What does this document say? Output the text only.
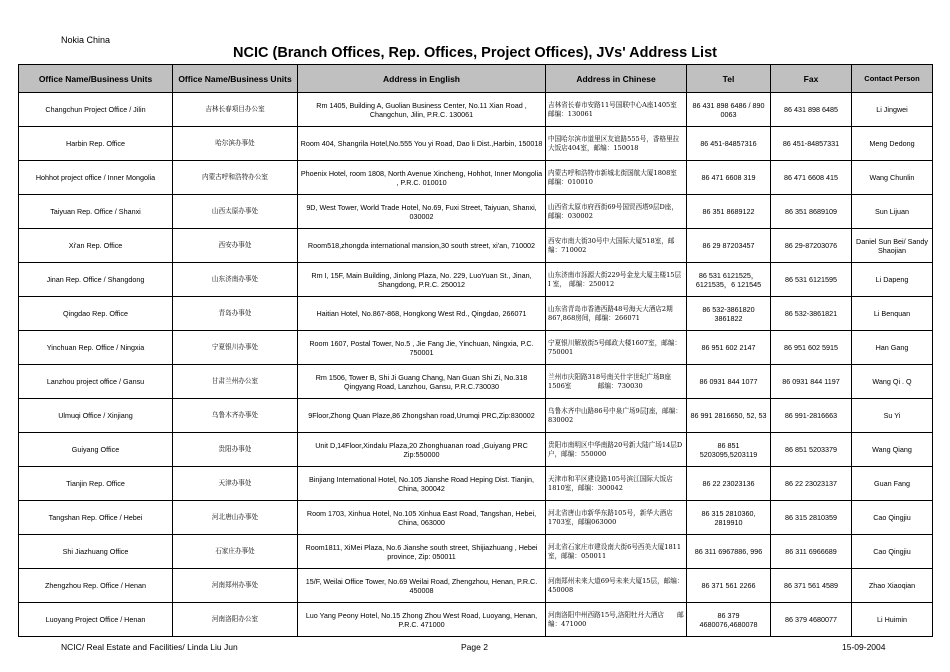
Nokia China
NCIC (Branch Offices, Rep. Offices, Project Offices), JVs' Address List
Office Name/Business Units	Office Name/Business Units	Address in English	Address in Chinese	Tel	Fax	Contact Person
Changchun Project Office / Jilin	吉林长春项目办公室	Rm 1405, Building A, Guolian Business Center, No.11 Xian Road , Changchun, Jilin, P.R.C. 130061	吉林省长春市安路11号国联中心A座1405室　　邮编：130061	86 431 898 6486 / 890 0063	86 431 898 6485	Li Jingwei
Harbin Rep. Office	哈尔滨办事处	Room 404, Shangrila Hotel,No.555 You yi Road, Dao li Dist.,Harbin, 150018	中国哈尔滨市道里区友谊路555号，香格里拉大饭店404室，邮编：150018	86 451-84857316	86 451-84857331	Meng Dedong
Hohhot project office / Inner Mongolia	内蒙古呼和浩特办公室	Phoenix Hotel, room 1808, North Avenue Xincheng, Hohhot, Inner Mongolia , P.R.C. 010010	内蒙古呼和浩特市新城北街国航大厦1808室　　　　邮编：010010	86 471 6608 319	86 471 6608 415	Wang Chunlin
Taiyuan Rep. Office / Shanxi	山西太原办事处	9D, West Tower, World Trade Hotel, No.69, Fuxi Street, Taiyuan, Shanxi, 030002	山西省太原市府西街69号国贸西塔9层D座，邮编：030002	86 351 8689122	86 351 8689109	Sun Lijuan
Xi'an Rep. Office	西安办事处	Room518,zhongda international mansion,30 south street, xi'an, 710002	西安市南大街30号中大国际大厦518室，邮编：710002	86 29 87203457	86 29-87203076	Daniel Sun Bei/ Sandy Shaojian
Jinan Rep. Office / Shangdong	山东济南办事处	Rm I, 15F, Main Building, Jinlong Plaza, No. 229, LuoYuan St., Jinan, Shangdong, P.R.C. 250012	山东济南市泺源大街229号金龙大厦主楼15层 I 室，　邮编：250012	86 531 6121525，6121535，6 121545	86 531 6121595	Li Dapeng
Qingdao Rep. Office	青岛办事处	Haitian Hotel, No.867-868, Hongkong West Rd., Qingdao, 266071	山东省青岛市香港西路48号海天大酒店2期867,868房间，邮编：266071	86 532-3861820 3861822	86 532-3861821	Li Benquan
Yinchuan Rep. Office / Ningxia	宁夏银川办事处	Room 1607, Postal Tower, No.5 , Jie Fang Jie, Yinchuan, Ningxia, P.C. 750001	宁夏银川解放街5号邮政大楼1607室，邮编：750001	86 951 602 2147	86 951 602 5915	Han Gang
Lanzhou project office / Gansu	甘肃兰州办公室	Rm 1506, Tower B, Shi Ji Guang Chang, Nan Guan Shi Zi, No.318 Qingyang Road, Lanzhou, Gansu, P.R.C.730030	兰州市庆阳路318号南关什字世纪广场B座1506室　　　　邮编：730030	86 0931 844 1077	86 0931 844 1197	Wang Qi . Q
Ulmuqi Office / Xinjiang	乌鲁木齐办事处	9Floor,Zhong Quan Plaze,86 Zhongshan road,Urumqi PRC,Zip:830002	乌鲁木齐中山路86号中泉广场9层J座，邮编：830002	86 991 2816650, 52, 53	86 991-2816663	Su Yi
Guiyang Office	贵阳办事处	Unit D,14Floor,Xindalu Plaza,20 Zhonghuanan road ,Guiyang PRC Zip:550000	贵阳市南明区中华南路20号新大陆广场14层D户，邮编：550000	86 851 5203095,5203119	86 851 5203379	Wang Qiang
Tianjin Rep. Office	天津办事处	Binjiang International Hotel, No.105 Jianshe Road Heping Dist. Tianjin, China, 300042	天津市和平区建设路105号滨江国际大饭店1810室，邮编：300042	86 22 23023136	86 22 23023137	Guan Fang
Tangshan Rep. Office / Hebei	河北唐山办事处	Room 1703, Xinhua Hotel, No.105 Xinhua East Road, Tangshan, Hebei, China, 063000	河北省唐山市新华东路105号，新华大酒店 1703室，邮编063000	86 315 2810360, 2819910	86 315 2810359	Cao Qingjiu
Shi Jiazhuang Office	石家庄办事处	Room1811, XiMei Plaza, No.6 Jianshe south street, Shijiazhuang , Hebei province, Zip: 050011	河北省石家庄市建设南大街6号西美大厦1811室，邮编：050011	86 311 6967886, 996	86 311 6966689	Cao Qingjiu
Zhengzhou Rep. Office / Henan	河南郑州办事处	15/F, Weilai Office Tower, No.69 Weilai Road, Zhengzhou, Henan, P.R.C. 450008	河南郑州未来大道69号未来大厦15层，邮编：450008	86 371 561 2266	86 371 561 4589	Zhao Xiaoqian
Luoyang Project Office / Henan	河南洛阳办公室	Luo Yang Peony Hotel, No.15 Zhong Zhou West Road, Luoyang, Henan, P.R.C. 471000	河南洛阳中州西路15号,洛阳牡丹大酒店　　邮编：471000	86 379 4680076,4680078	86 379 4680077	Li Huimin
NCIC/ Real Estate and Facilities/ Linda Liu Jun	Page 2	15-09-2004
